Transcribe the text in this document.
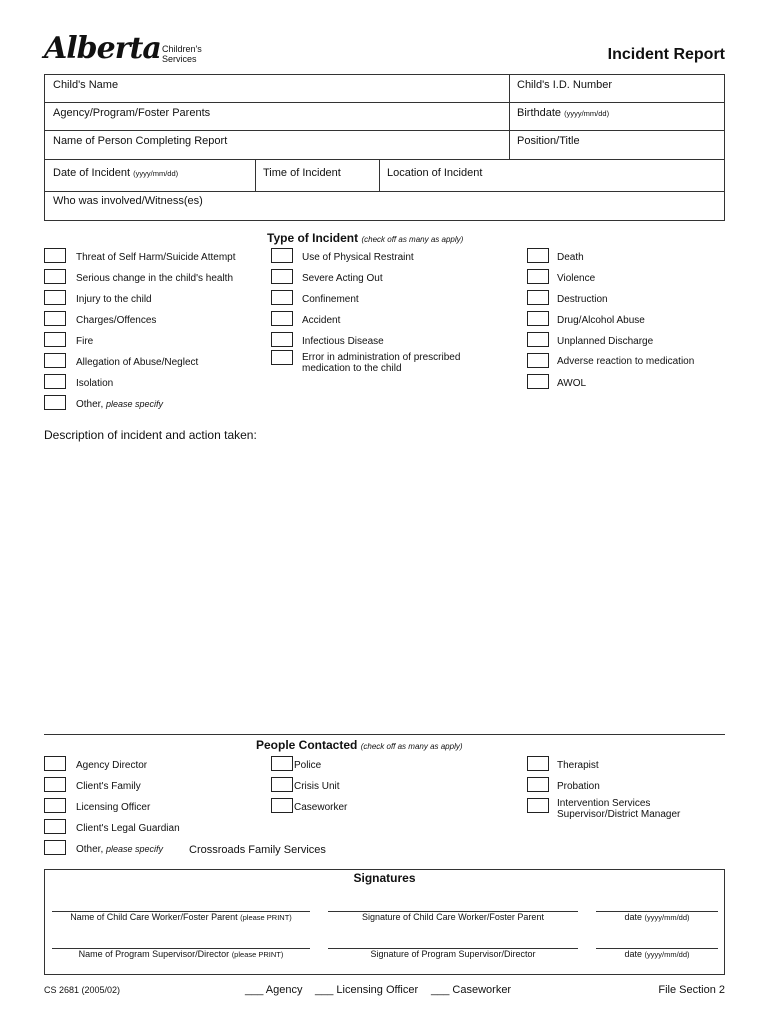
Alberta Children's
Services	Incident Report
Child's Name	Child's I.D. Number
Agency/Program/Foster Parents	Birthdate (yyyy/mm/dd)
Name of Person Completing Report	Position/Title
Date of Incident (yyyy/mm/dd)	Time of Incident	Location of Incident
Who was involved/Witness(es)
Type of Incident (check off as many as apply)
Threat of Self Harm/Suicide Attempt
Serious change in the child's health
Injury to the child
Charges/Offences
Fire
Allegation of Abuse/Neglect
Isolation
Other, please specify
Use of Physical Restraint
Severe Acting Out
Confinement
Accident
Infectious Disease
Error in administration of prescribed medication to the child
Death
Violence
Destruction
Drug/Alcohol Abuse
Unplanned Discharge
Adverse reaction to medication
AWOL
Description of incident and action taken:
People Contacted (check off as many as apply)
Agency Director
Client's Family
Licensing Officer
Client's Legal Guardian
Other, please specify Crossroads Family Services
Police
Crisis Unit
Caseworker
Therapist
Probation
Intervention Services Supervisor/District Manager
Signatures
Name of Child Care Worker/Foster Parent (please PRINT)	Signature of Child Care Worker/Foster Parent	date (yyyy/mm/dd)
Name of Program Supervisor/Director (please PRINT)	Signature of Program Supervisor/Director	date (yyyy/mm/dd)
CS 2681 (2005/02)	___ Agency ___ Licensing Officer ___ Caseworker	File Section 2
